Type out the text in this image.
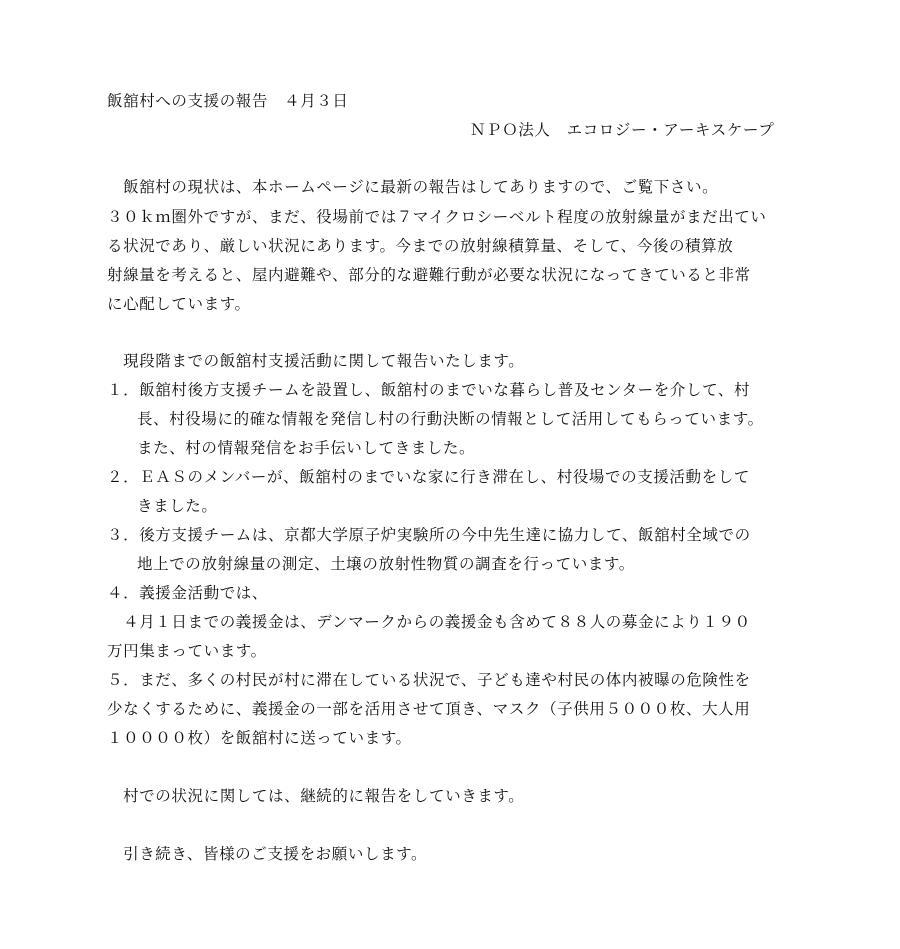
飯舘村への支援の報告　４月３日
ＮＰＯ法人　エコロジー・アーキスケープ
　飯舘村の現状は、本ホームページに最新の報告はしてありますので、ご覧下さい。
３０ｋｍ圏外ですが、まだ、役場前では７マイクロシーベルト程度の放射線量がまだ出てい
る状況であり、厳しい状況にあります。今までの放射線積算量、そして、今後の積算放
射線量を考えると、屋内避難や、部分的な避難行動が必要な状況になってきていると非常
に心配しています。
　現段階までの飯舘村支援活動に関して報告いたします。
１．飯舘村後方支援チームを設置し、飯舘村のまでいな暮らし普及センターを介して、村
長、村役場に的確な情報を発信し村の行動決断の情報として活用してもらっています。
また、村の情報発信をお手伝いしてきました。
２．ＥＡＳのメンバーが、飯舘村のまでいな家に行き滞在し、村役場での支援活動をして
きました。
３．後方支援チームは、京都大学原子炉実験所の今中先生達に協力して、飯舘村全域での
地上での放射線量の測定、土壌の放射性物質の調査を行っています。
４．義援金活動では、
　４月１日までの義援金は、デンマークからの義援金も含めて８８人の募金により１９０
万円集まっています。
５．まだ、多くの村民が村に滞在している状況で、子ども達や村民の体内被曝の危険性を
少なくするために、義援金の一部を活用させて頂き、マスク（子供用５０００枚、大人用
１００００枚）を飯舘村に送っています。
　村での状況に関しては、継続的に報告をしていきます。
　引き続き、皆様のご支援をお願いします。
